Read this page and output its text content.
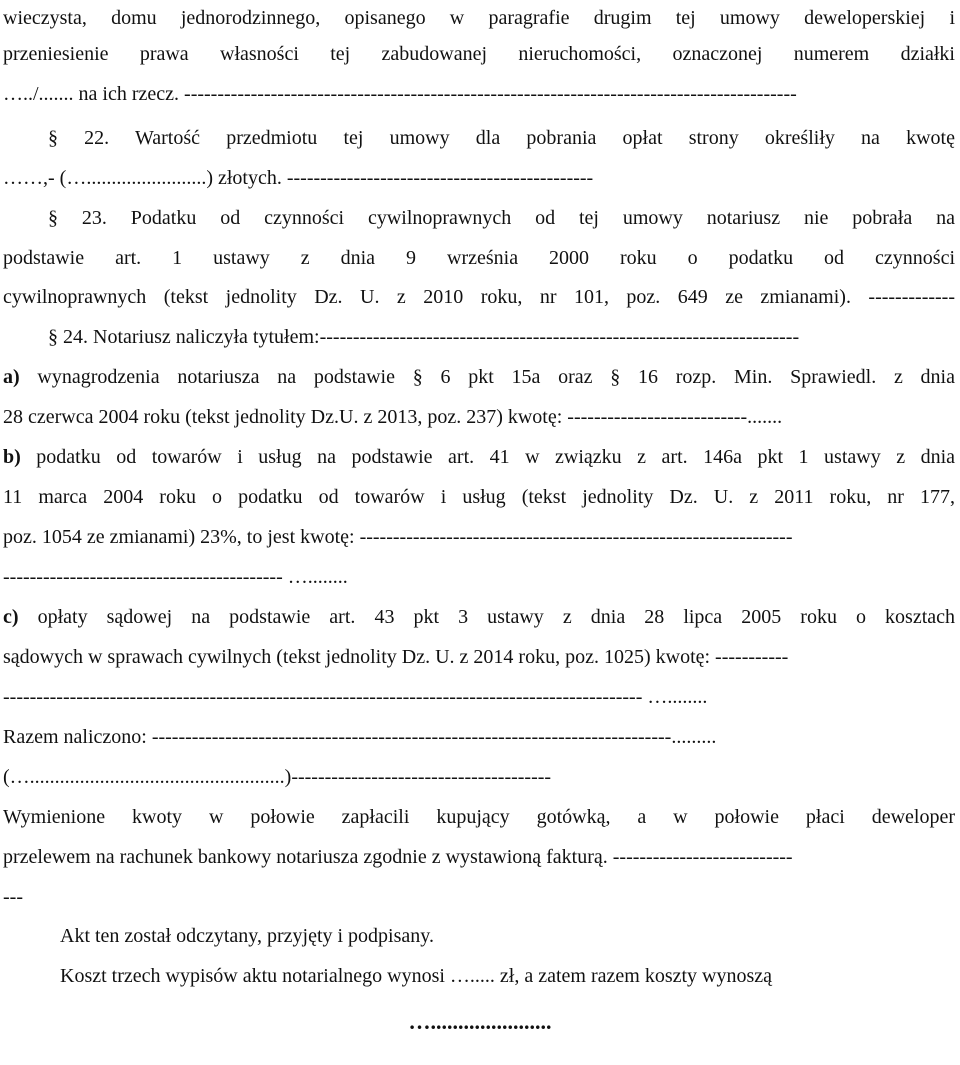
wieczysta, domu jednorodzinnego, opisanego w paragrafie drugim tej umowy deweloperskiej i
przeniesienie prawa własności tej zabudowanej nieruchomości, oznaczonej numerem działki
…../....... na ich rzecz. --------------------------------------------------------------------------------------------
§ 22. Wartość przedmiotu tej umowy dla pobrania opłat strony określiły na kwotę
……,- (…........................) złotych. ----------------------------------------------
§ 23. Podatku od czynności cywilnoprawnych od tej umowy notariusz nie pobrała na
podstawie art. 1 ustawy z dnia 9 września 2000 roku o podatku od czynności
cywilnoprawnych (tekst jednolity Dz. U. z 2010 roku, nr 101, poz. 649 ze zmianami). -------------
§ 24. Notariusz naliczyła tytułem:------------------------------------------------------------------------
a) wynagrodzenia notariusza na podstawie § 6 pkt 15a oraz § 16 rozp. Min. Sprawiedl. z dnia
28 czerwca 2004 roku (tekst jednolity Dz.U. z 2013, poz. 237) kwotę: ---------------------------.......
b) podatku od towarów i usług na podstawie art. 41 w związku z art. 146a pkt 1 ustawy z dnia
11 marca 2004 roku o podatku od towarów i usług (tekst jednolity Dz. U. z 2011 roku, nr 177,
poz. 1054 ze zmianami) 23%, to jest kwotę: -----------------------------------------------------------------
------------------------------------------ …........
c) opłaty sądowej na podstawie art. 43 pkt 3 ustawy z dnia 28 lipca 2005 roku o kosztach
sądowych w sprawach cywilnych (tekst jednolity Dz. U. z 2014 roku, poz. 1025) kwotę: -----------
------------------------------------------------------------------------------------------------ …........
Razem naliczono: ------------------------------------------------------------------------------.........
(…...................................................)---------------------------------------
Wymienione kwoty w połowie zapłacili kupujący gotówką, a w połowie płaci deweloper
przelewem na rachunek bankowy notariusza zgodnie z wystawioną fakturą. ---------------------------
---
Akt ten został odczytany, przyjęty i podpisany.
Koszt trzech wypisów aktu notarialnego wynosi …..... zł, a zatem razem koszty wynoszą
…......................
